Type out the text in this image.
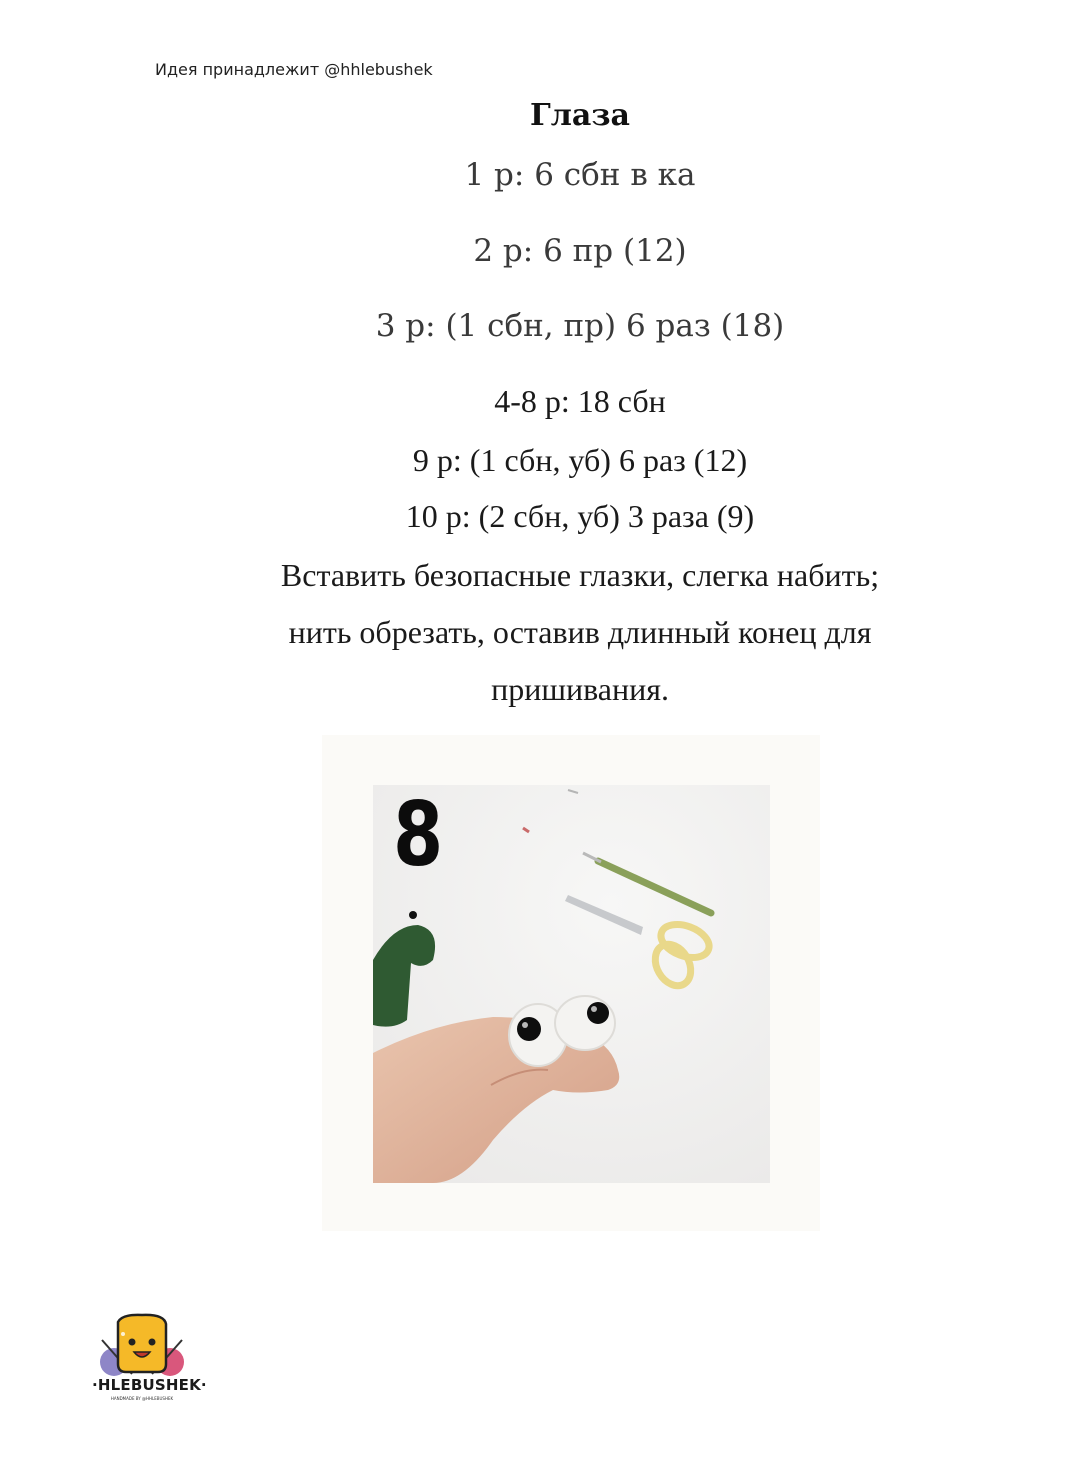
Идея принадлежит @hhlebushek
Глаза
1 р: 6 сбн в ка
2 р: 6 пр (12)
3 р: (1 сбн, пр) 6 раз (18)
4-8 р: 18 сбн
9 р: (1 сбн, уб) 6 раз (12)
10 р: (2 сбн, уб) 3 раза (9)
Вставить безопасные глазки, слегка набить;
нить обрезать, оставив длинный конец для
пришивания.
8
·HLEBUSHEK·
HANDMADE BY @HHLEBUSHEK
